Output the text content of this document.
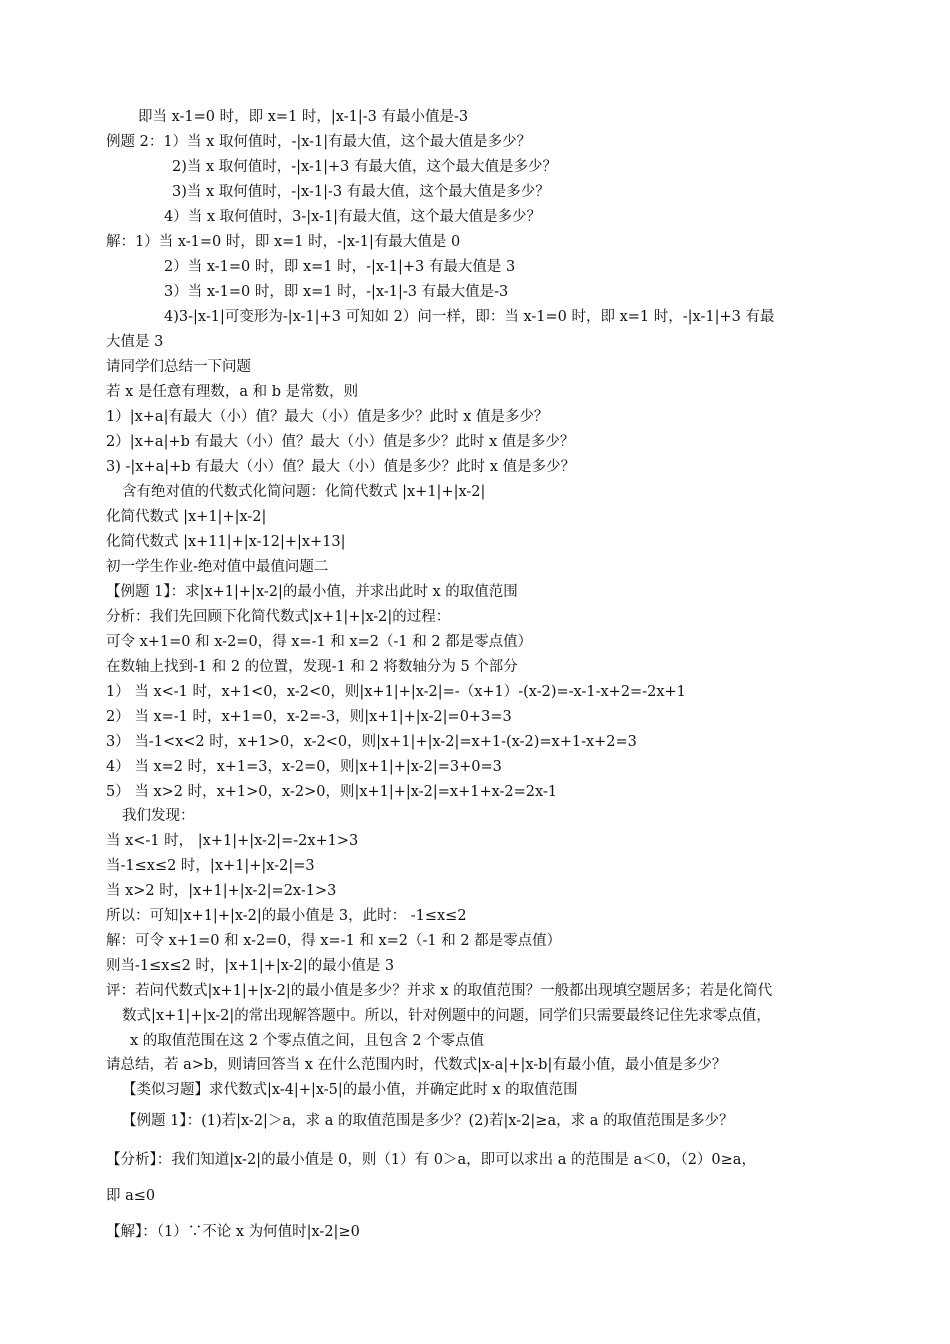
即当 x-1=0 时，即 x=1 时，|x-1|-3 有最小值是-3
例题 2：1）当 x 取何值时，-|x-1|有最大值，这个最大值是多少？
2)当 x 取何值时，-|x-1|+3 有最大值，这个最大值是多少？
3)当 x 取何值时，-|x-1|-3 有最大值，这个最大值是多少？
4）当 x 取何值时，3-|x-1|有最大值，这个最大值是多少？
解：1）当 x-1=0 时，即 x=1 时，-|x-1|有最大值是 0
2）当 x-1=0 时，即 x=1 时，-|x-1|+3 有最大值是 3
3）当 x-1=0 时，即 x=1 时，-|x-1|-3 有最大值是-3
4)3-|x-1|可变形为-|x-1|+3 可知如 2）问一样，即：当 x-1=0 时，即 x=1 时，-|x-1|+3 有最
大值是 3
请同学们总结一下问题
若 x 是任意有理数，a 和 b 是常数，则
1）|x+a|有最大（小）值？最大（小）值是多少？此时 x 值是多少？
2）|x+a|+b 有最大（小）值？最大（小）值是多少？此时 x 值是多少？
3) -|x+a|+b 有最大（小）值？最大（小）值是多少？此时 x 值是多少？
含有绝对值的代数式化简问题：化简代数式 |x+1|+|x-2|
化简代数式 |x+1|+|x-2|
化简代数式 |x+11|+|x-12|+|x+13|
初一学生作业-绝对值中最值问题二
【例题 1】：求|x+1|+|x-2|的最小值，并求出此时 x 的取值范围
分析：我们先回顾下化简代数式|x+1|+|x-2|的过程：
可令 x+1=0 和 x-2=0，得 x=-1 和 x=2（-1 和 2 都是零点值）
在数轴上找到-1 和 2 的位置，发现-1 和 2 将数轴分为 5 个部分
1） 当 x<-1 时，x+1<0，x-2<0，则|x+1|+|x-2|=-（x+1）-(x-2)=-x-1-x+2=-2x+1
2） 当 x=-1 时，x+1=0，x-2=-3，则|x+1|+|x-2|=0+3=3
3） 当-1<x<2 时，x+1>0，x-2<0，则|x+1|+|x-2|=x+1-(x-2)=x+1-x+2=3
4） 当 x=2 时，x+1=3，x-2=0，则|x+1|+|x-2|=3+0=3
5） 当 x>2 时，x+1>0，x-2>0，则|x+1|+|x-2|=x+1+x-2=2x-1
我们发现：
当 x<-1 时， |x+1|+|x-2|=-2x+1>3
当-1≤x≤2 时，|x+1|+|x-2|=3
当 x>2 时，|x+1|+|x-2|=2x-1>3
所以：可知|x+1|+|x-2|的最小值是 3，此时： -1≤x≤2
解：可令 x+1=0 和 x-2=0，得 x=-1 和 x=2（-1 和 2 都是零点值）
则当-1≤x≤2 时，|x+1|+|x-2|的最小值是 3
评：若问代数式|x+1|+|x-2|的最小值是多少？并求 x 的取值范围？一般都出现填空题居多；若是化简代
数式|x+1|+|x-2|的常出现解答题中。所以，针对例题中的问题，同学们只需要最终记住先求零点值，
x 的取值范围在这 2 个零点值之间，且包含 2 个零点值
请总结，若 a>b，则请回答当 x 在什么范围内时，代数式|x-a|+|x-b|有最小值，最小值是多少？
【类似习题】求代数式|x-4|+|x-5|的最小值，并确定此时 x 的取值范围
【例题 1】：(1)若|x-2|＞a，求 a 的取值范围是多少？(2)若|x-2|≥a，求 a 的取值范围是多少？
【分析】：我们知道|x-2|的最小值是 0，则（1）有 0＞a，即可以求出 a 的范围是 a＜0，（2）0≥a，
即 a≤0
【解】：（1）∵不论 x 为何值时|x-2|≥0
